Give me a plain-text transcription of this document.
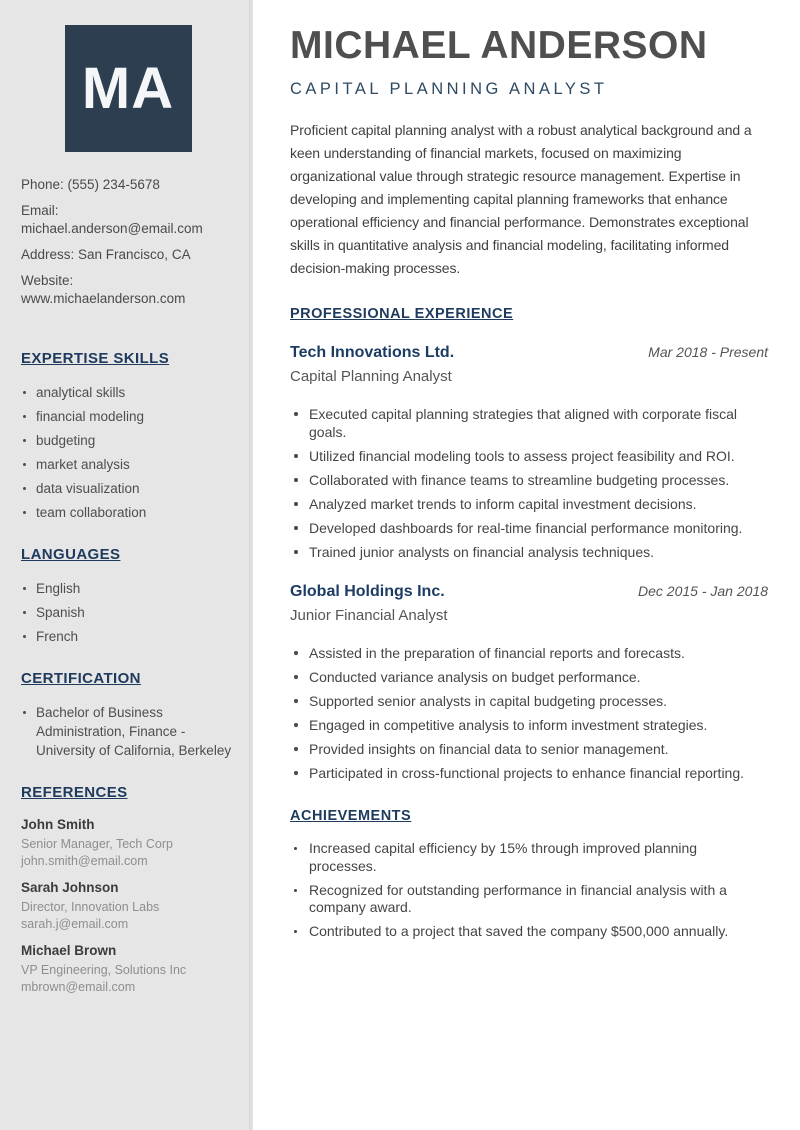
MA

Phone: (555) 234-5678

Email: michael.anderson@email.com

Address: San Francisco, CA

Website: www.michaelanderson.com

EXPERTISE SKILLS
analytical skills
financial modeling
budgeting
market analysis
data visualization
team collaboration
LANGUAGES
English
Spanish
French
CERTIFICATION
Bachelor of Business Administration, Finance - University of California, Berkeley
REFERENCES
John Smith
Senior Manager, Tech Corp
john.smith@email.com
Sarah Johnson
Director, Innovation Labs
sarah.j@email.com
Michael Brown
VP Engineering, Solutions Inc
mbrown@email.com
MICHAEL ANDERSON
CAPITAL PLANNING ANALYST

Proficient capital planning analyst with a robust analytical background and a keen understanding of financial markets, focused on maximizing organizational value through strategic resource management. Expertise in developing and implementing capital planning frameworks that enhance operational efficiency and financial performance. Demonstrates exceptional skills in quantitative analysis and financial modeling, facilitating informed decision-making processes.

PROFESSIONAL EXPERIENCE
Tech Innovations Ltd.	Mar 2018 - Present
Capital Planning Analyst
Executed capital planning strategies that aligned with corporate fiscal goals.
Utilized financial modeling tools to assess project feasibility and ROI.
Collaborated with finance teams to streamline budgeting processes.
Analyzed market trends to inform capital investment decisions.
Developed dashboards for real-time financial performance monitoring.
Trained junior analysts on financial analysis techniques.
Global Holdings Inc.	Dec 2015 - Jan 2018
Junior Financial Analyst
Assisted in the preparation of financial reports and forecasts.
Conducted variance analysis on budget performance.
Supported senior analysts in capital budgeting processes.
Engaged in competitive analysis to inform investment strategies.
Provided insights on financial data to senior management.
Participated in cross-functional projects to enhance financial reporting.
ACHIEVEMENTS
Increased capital efficiency by 15% through improved planning processes.
Recognized for outstanding performance in financial analysis with a company award.
Contributed to a project that saved the company $500,000 annually.
